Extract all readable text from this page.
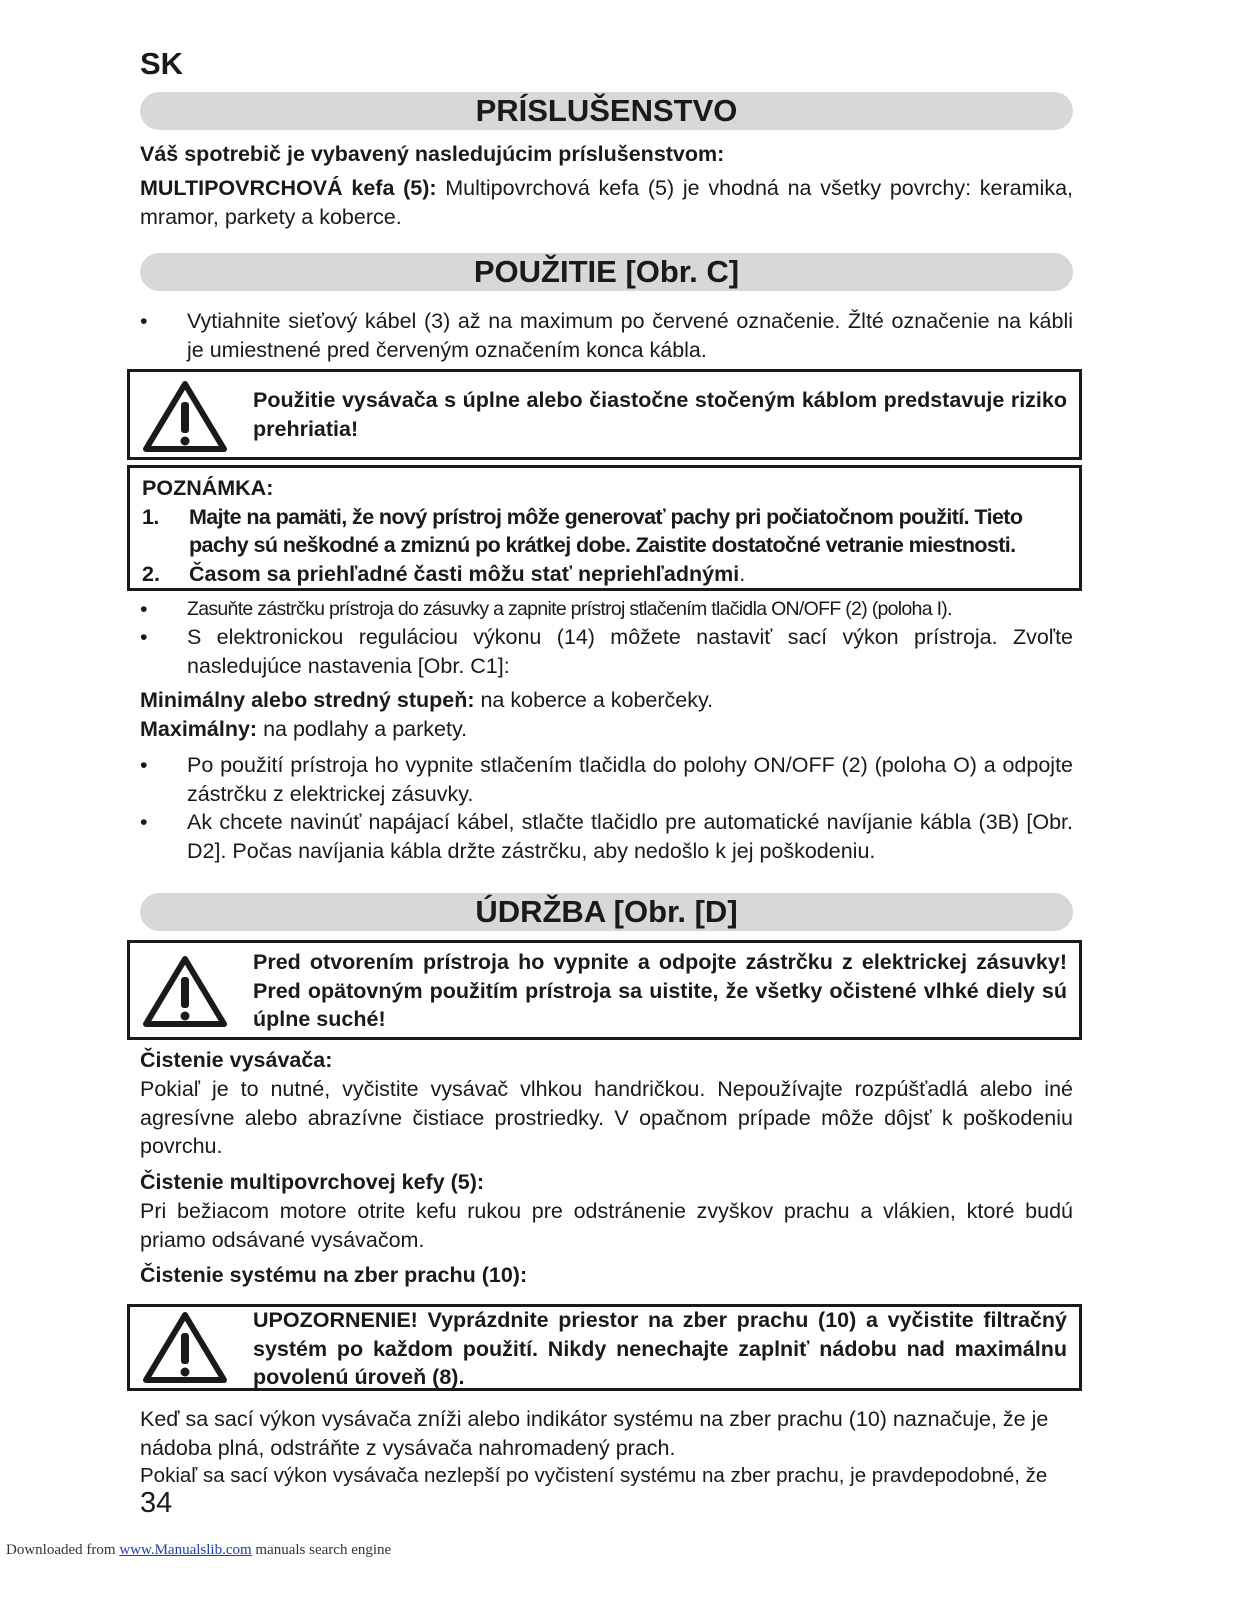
SK
PRÍSLUŠENSTVO
Váš spotrebič je vybavený nasledujúcim príslušenstvom:
MULTIPOVRCHOVÁ kefa (5): Multipovrchová kefa (5) je vhodná na všetky povrchy: keramika, mramor, parkety a koberce.
POUŽITIE [Obr. C]
•	Vytiahnite sieťový kábel (3) až na maximum po červené označenie. Žlté označenie na kábli je umiestnené pred červeným označením konca kábla.
Použitie vysávača s úplne alebo čiastočne stočeným káblom predstavuje riziko prehriatia!
POZNÁMKA:
1. Majte na pamäti, že nový prístroj môže generovať pachy pri počiatočnom použití. Tieto pachy sú neškodné a zmiznú po krátkej dobe. Zaistite dostatočné vetranie miestnosti.
2. Časom sa priehľadné časti môžu stať nepriehľadnými.
•	Zasuňte zástrčku prístroja do zásuvky a zapnite prístroj stlačením tlačidla ON/OFF (2) (poloha I).
•	S elektronickou reguláciou výkonu (14) môžete nastaviť sací výkon prístroja. Zvoľte nasledujúce nastavenia [Obr. C1]:
Minimálny alebo stredný stupeň: na koberce a koberčeky.
Maximálny: na podlahy a parkety.
•	Po použití prístroja ho vypnite stlačením tlačidla do polohy ON/OFF (2) (poloha O) a odpojte zástrčku z elektrickej zásuvky.
•	Ak chcete navinúť napájací kábel, stlačte tlačidlo pre automatické navíjanie kábla (3B) [Obr. D2]. Počas navíjania kábla držte zástrčku, aby nedošlo k jej poškodeniu.
ÚDRŽBA [Obr. [D]
Pred otvorením prístroja ho vypnite a odpojte zástrčku z elektrickej zásuvky! Pred opätovným použitím prístroja sa uistite, že všetky očistené vlhké diely sú úplne suché!
Čistenie vysávača:
Pokiaľ je to nutné, vyčistite vysávač vlhkou handričkou. Nepoužívajte rozpúšťadlá alebo iné agresívne alebo abrazívne čistiace prostriedky. V opačnom prípade môže dôjsť k poškodeniu povrchu.
Čistenie multipovrchovej kefy (5):
Pri bežiacom motore otrite kefu rukou pre odstránenie zvyškov prachu a vlákien, ktoré budú priamo odsávané vysávačom.
Čistenie systému na zber prachu (10):
UPOZORNENIE! Vyprázdnite priestor na zber prachu (10) a vyčistite filtračný systém po každom použití. Nikdy nenechajte zaplniť nádobu nad maximálnu povolenú úroveň (8).
Keď sa sací výkon vysávača zníži alebo indikátor systému na zber prachu (10) naznačuje, že je nádoba plná, odstráňte z vysávača nahromadený prach.
Pokiaľ sa sací výkon vysávača nezlepší po vyčistení systému na zber prachu, je pravdepodobné, že
34
Downloaded from www.Manualslib.com manuals search engine
